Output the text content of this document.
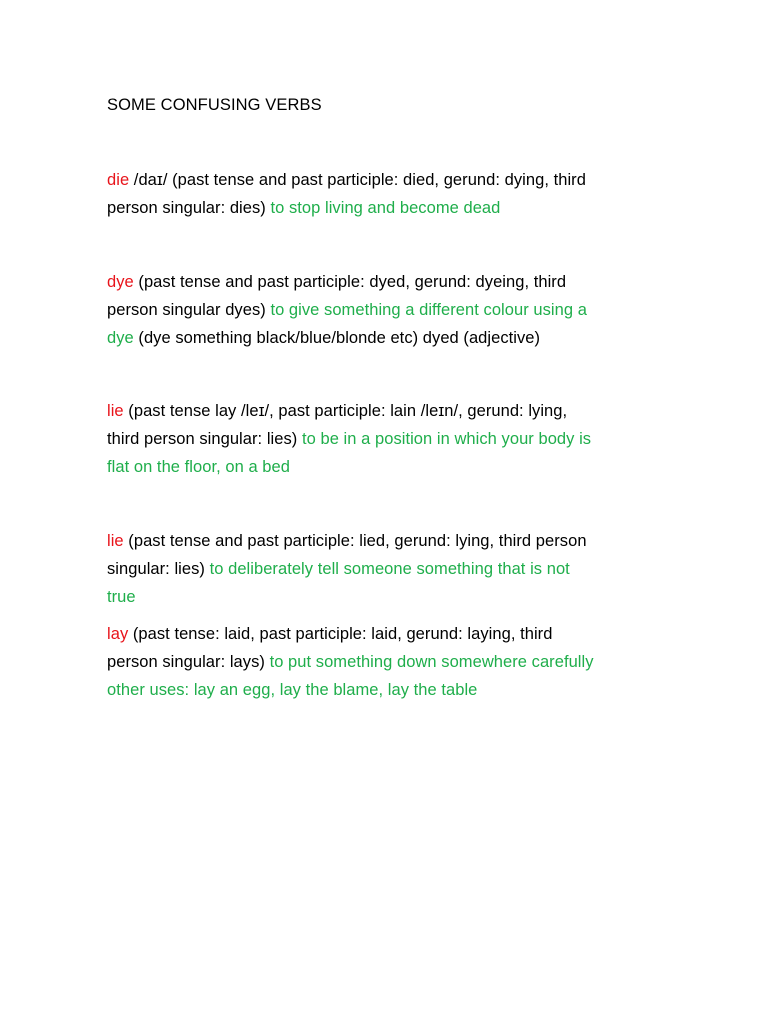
SOME CONFUSING VERBS

die /daɪ/ (past tense and past participle: died, gerund: dying, third

person singular: dies) to stop living and become dead

dye (past tense and past participle: dyed, gerund: dyeing, third

person singular dyes) to give something a different colour using a

dye (dye something black/blue/blonde etc) dyed (adjective)

lie (past tense lay /leɪ/, past participle: lain /leɪn/, gerund: lying,

third person singular: lies) to be in a position in which your body is

flat on the floor, on a bed

lie (past tense and past participle: lied, gerund: lying, third person

singular: lies) to deliberately tell someone something that is not

true

lay (past tense: laid, past participle: laid, gerund: laying, third

person singular: lays) to put something down somewhere carefully

other uses: lay an egg, lay the blame, lay the table
